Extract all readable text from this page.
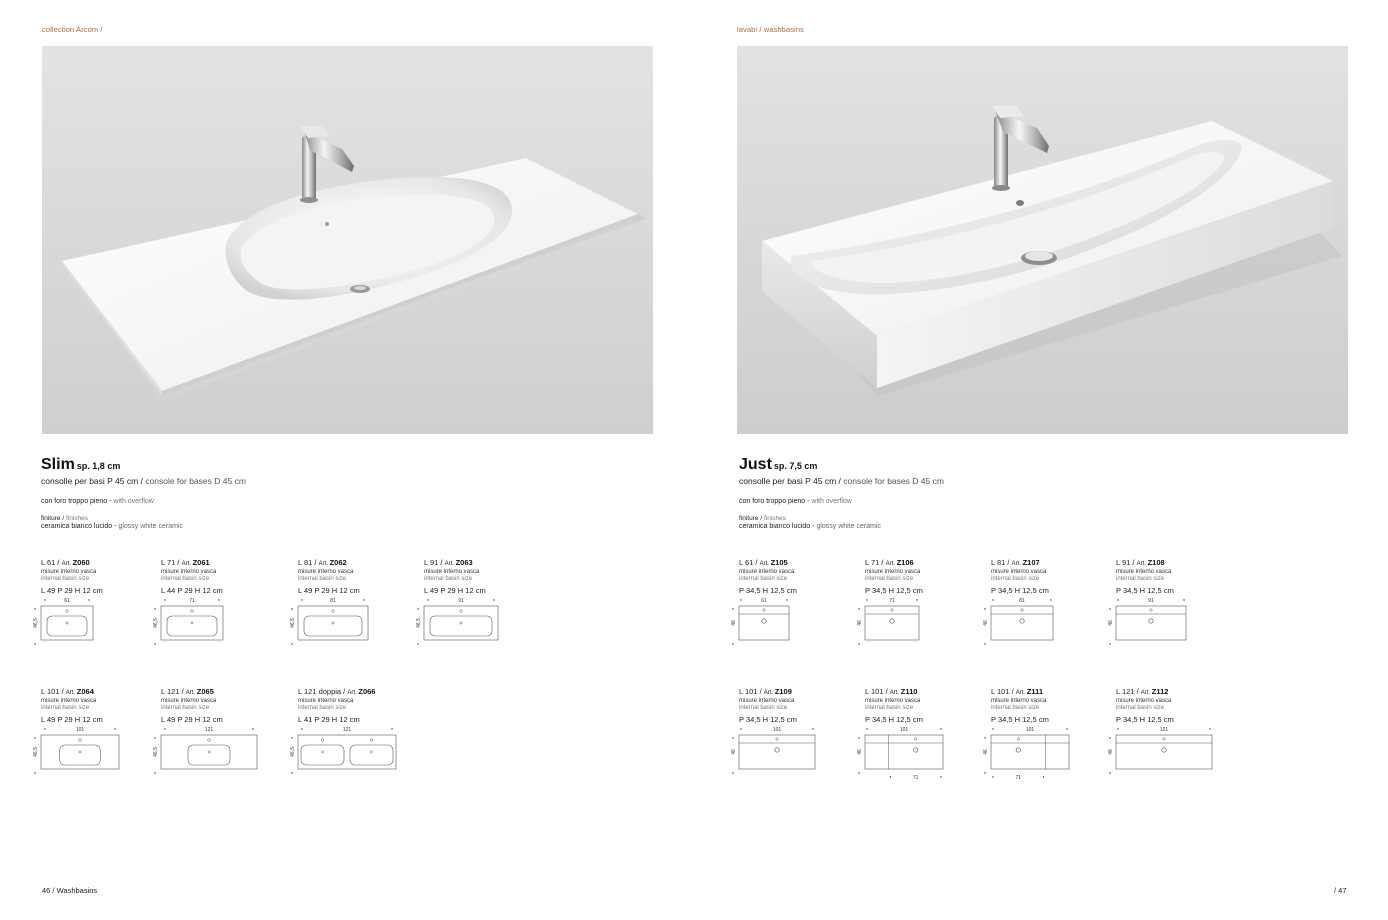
collection Arcom /
Slim sp. 1,8 cm
consolle per basi P 45 cm / console for bases D 45 cm
con foro troppo pieno - with overflow
finiture / finishes
ceramica bianco lucido - glossy white ceramic
L 61 / Art. Z060
misure interno vasca
internal basin size
L 49 P 29 H 12 cm
61
46,5
L 71 / Art. Z061
misure interno vasca
internal basin size
L 44 P 29 H 12 cm
71
46,5
L 81 / Art. Z062
misure interno vasca
internal basin size
L 49 P 29 H 12 cm
81
46,5
L 91 / Art. Z063
misure interno vasca
internal basin size
L 49 P 29 H 12 cm
91
46,5
L 101 / Art. Z064
misure interno vasca
internal basin size
L 49 P 29 H 12 cm
101
46,5
L 121 / Art. Z065
misure interno vasca
internal basin size
L 49 P 29 H 12 cm
121
46,5
L 121 doppia / Art. Z066
misure interno vasca
internal basin size
L 41 P 29 H 12 cm
121
46,5
46 / Washbasins
lavabi / washbasins
Just sp. 7,5 cm
consolle per basi P 45 cm / console for bases D 45 cm
con foro troppo pieno - with overflow
finiture / finishes
ceramica bianco lucido - glossy white ceramic
L 61 / Art. Z105
misure interno vasca
internal basin size
P 34,5 H 12,5 cm
61
46
L 71 / Art. Z106
misure interno vasca
internal basin size
P 34,5 H 12,5 cm
71
46
L 81 / Art. Z107
misure interno vasca
internal basin size
P 34,5 H 12,5 cm
81
46
L 91 / Art. Z108
misure interno vasca
internal basin size
P 34,5 H 12,5 cm
91
46
L 101 / Art. Z109
misure interno vasca
internal basin size
P 34,5 H 12,5 cm
101
46
L 101 / Art. Z110
misure interno vasca
internal basin size
P 34,5 H 12,5 cm
101
46
71
L 101 / Art. Z111
misure interno vasca
internal basin size
P 34,5 H 12,5 cm
101
46
71
L 121 / Art. Z112
misure interno vasca
internal basin size
P 34,5 H 12,5 cm
121
46
/ 47
